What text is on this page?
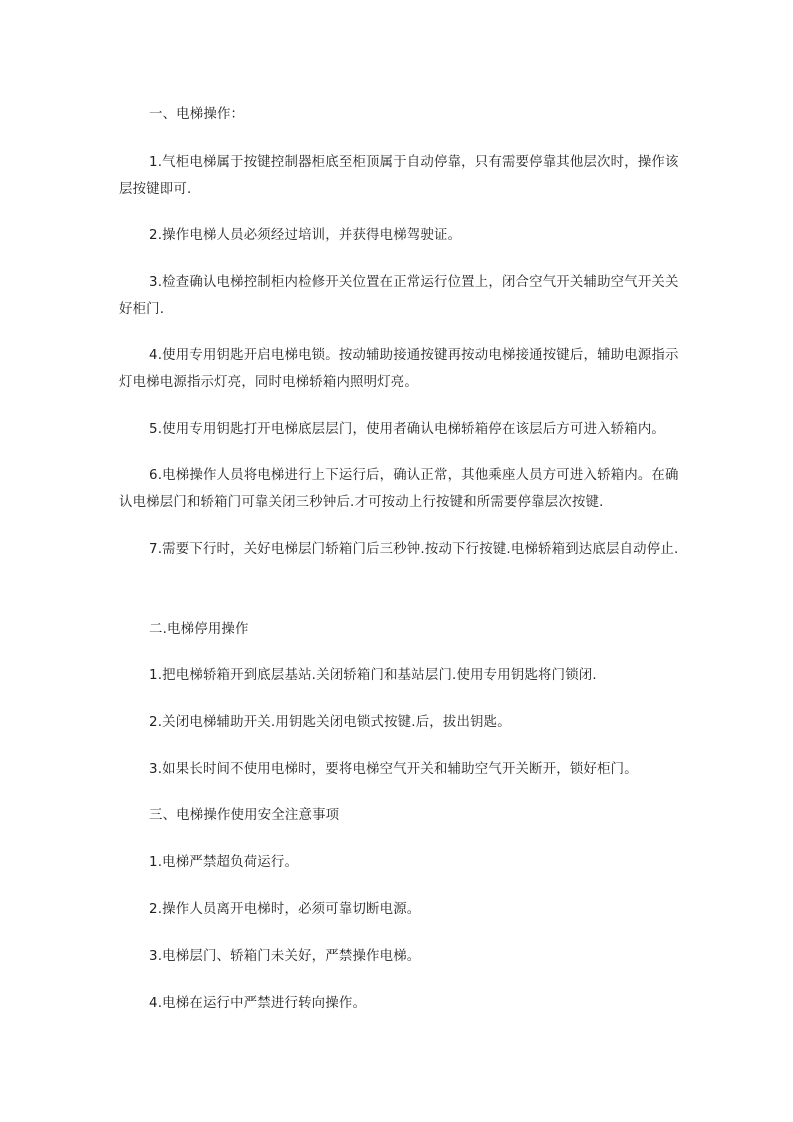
一、电梯操作：

1.气柜电梯属于按键控制器柜底至柜顶属于自动停靠，只有需要停靠其他层次时，操作该层按键即可.

2.操作电梯人员必须经过培训，并获得电梯驾驶证。

3.检查确认电梯控制柜内检修开关位置在正常运行位置上，闭合空气开关辅助空气开关关好柜门.

4.使用专用钥匙开启电梯电锁。按动辅助接通按键再按动电梯接通按键后，辅助电源指示灯电梯电源指示灯亮，同时电梯轿箱内照明灯亮。

5.使用专用钥匙打开电梯底层层门，使用者确认电梯轿箱停在该层后方可进入轿箱内。

6.电梯操作人员将电梯进行上下运行后，确认正常，其他乘座人员方可进入轿箱内。在确认电梯层门和轿箱门可靠关闭三秒钟后.才可按动上行按键和所需要停靠层次按键.

7.需要下行时，关好电梯层门轿箱门后三秒钟.按动下行按键.电梯轿箱到达底层自动停止.

二.电梯停用操作

1.把电梯轿箱开到底层基站.关闭轿箱门和基站层门.使用专用钥匙将门锁闭.

2.关闭电梯辅助开关.用钥匙关闭电锁式按键.后，拔出钥匙。

3.如果长时间不使用电梯时，要将电梯空气开关和辅助空气开关断开，锁好柜门。

三、电梯操作使用安全注意事项

1.电梯严禁超负荷运行。

2.操作人员离开电梯时，必须可靠切断电源。

3.电梯层门、轿箱门未关好，严禁操作电梯。

4.电梯在运行中严禁进行转向操作。
